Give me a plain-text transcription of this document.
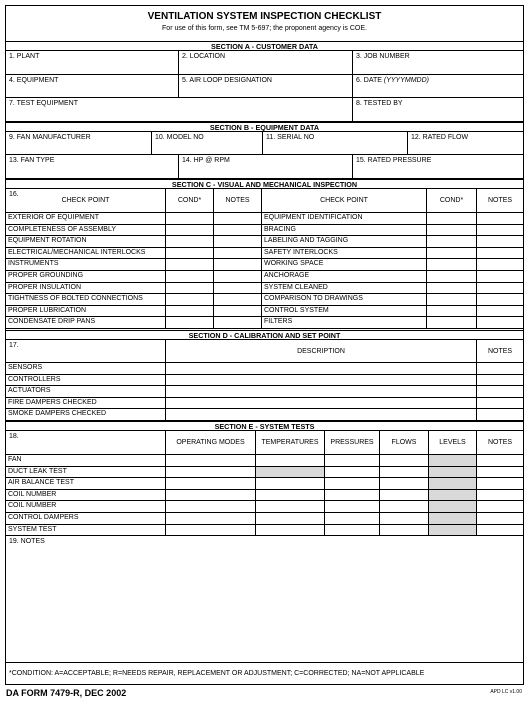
VENTILATION SYSTEM INSPECTION CHECKLIST
For use of this form, see TM 5-697; the proponent agency is COE.
SECTION A - CUSTOMER DATA
1. PLANT	2. LOCATION	3. JOB NUMBER
4. EQUIPMENT	5. AIR LOOP DESIGNATION	6. DATE (YYYYMMDD)
7. TEST EQUIPMENT	8. TESTED BY
SECTION B - EQUIPMENT DATA
9. FAN MANUFACTURER	10. MODEL NO	11. SERIAL NO	12. RATED FLOW
13. FAN TYPE	14. HP @ RPM	15. RATED PRESSURE
SECTION C - VISUAL AND MECHANICAL INSPECTION
16.
CHECK POINT	COND*	NOTES	CHECK POINT	COND*	NOTES
EXTERIOR OF EQUIPMENT	EQUIPMENT IDENTIFICATION
COMPLETENESS OF ASSEMBLY	BRACING
EQUIPMENT ROTATION	LABELING AND TAGGING
ELECTRICAL/MECHANICAL INTERLOCKS	SAFETY INTERLOCKS
INSTRUMENTS	WORKING SPACE
PROPER GROUNDING	ANCHORAGE
PROPER INSULATION	SYSTEM CLEANED
TIGHTNESS OF BOLTED CONNECTIONS	COMPARISON TO DRAWINGS
PROPER LUBRICATION	CONTROL SYSTEM
CONDENSATE DRIP PANS	FILTERS
SECTION D - CALIBRATION AND SET POINT
17.
DESCRIPTION	NOTES
SENSORS
CONTROLLERS
ACTUATORS
FIRE DAMPERS CHECKED
SMOKE DAMPERS CHECKED
SECTION E - SYSTEM TESTS
18.
OPERATING MODES	TEMPERATURES	PRESSURES	FLOWS	LEVELS	NOTES
FAN
DUCT LEAK TEST
AIR BALANCE TEST
COIL NUMBER
COIL NUMBER
CONTROL DAMPERS
SYSTEM TEST
19. NOTES
*CONDITION: A=ACCEPTABLE; R=NEEDS REPAIR, REPLACEMENT OR ADJUSTMENT; C=CORRECTED; NA=NOT APPLICABLE
DA FORM 7479-R, DEC 2002	APD LC v1.00
